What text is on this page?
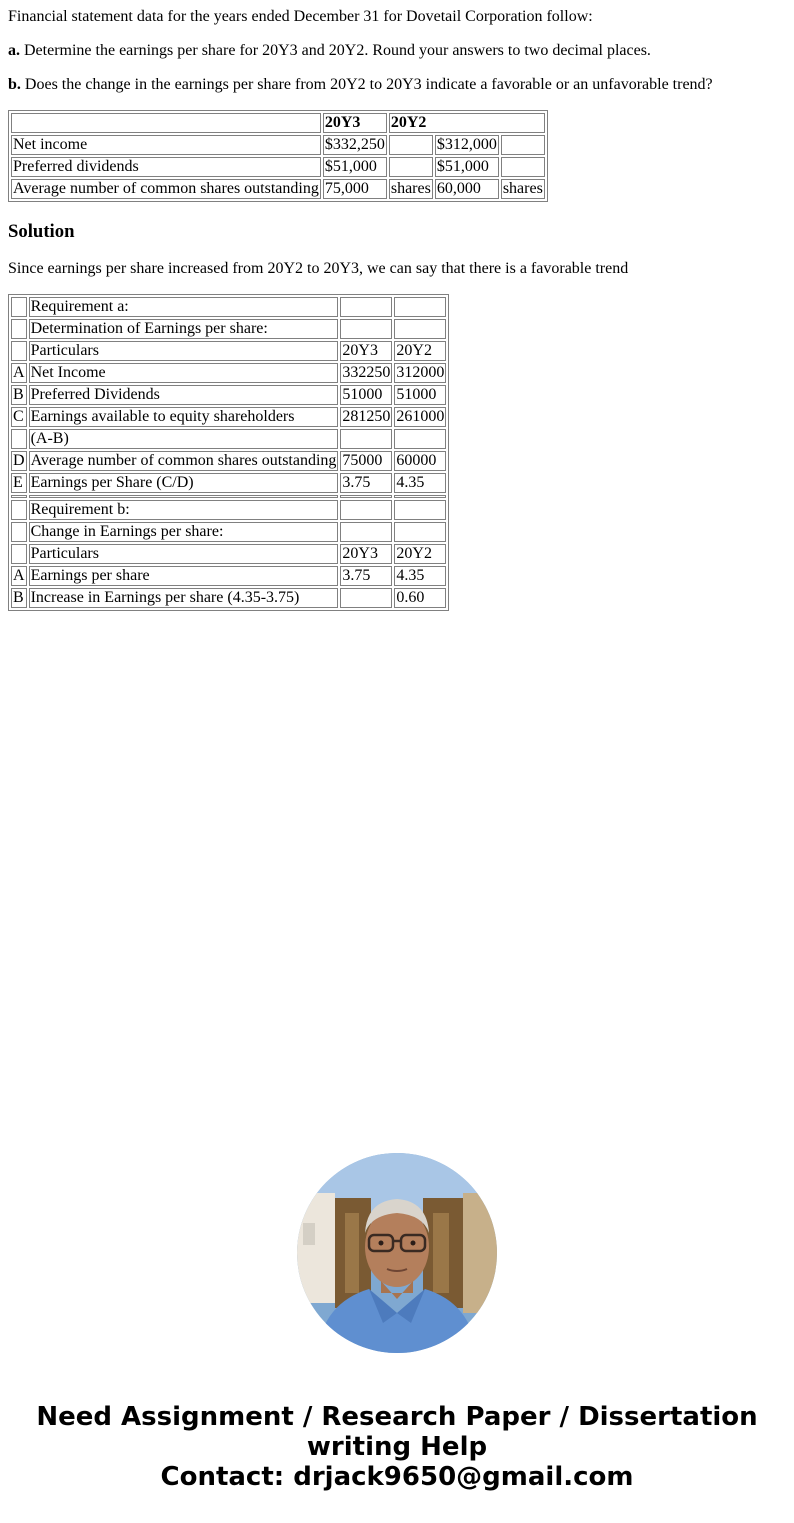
Financial statement data for the years ended December 31 for Dovetail Corporation follow:

a. Determine the earnings per share for 20Y3 and 20Y2. Round your answers to two decimal places.

b. Does the change in the earnings per share from 20Y2 to 20Y3 indicate a favorable or an unfavorable trend?

	20Y3	20Y2		
Net income	$332,250		$312,000	
Preferred dividends	$51,000		$51,000	
Average number of common shares outstanding	75,000	shares	60,000	shares
Solution

Since earnings per share increased from 20Y2 to 20Y3, we can say that there is a favorable trend

	Requirement a:		
	Determination of Earnings per share:		
	Particulars	20Y3	20Y2
A	Net Income	332250	312000
B	Preferred Dividends	51000	51000
C	Earnings available to equity shareholders	281250	261000
	(A-B)		
D	Average number of common shares outstanding	75000	60000
E	Earnings per Share (C/D)	3.75	4.35

	Requirement b:		
	Change in Earnings per share:		
	Particulars	20Y3	20Y2
A	Earnings per share	3.75	4.35
B	Increase in Earnings per share (4.35-3.75)		0.60
Need Assignment / Research Paper / Dissertation
writing Help
Contact: drjack9650@gmail.com
